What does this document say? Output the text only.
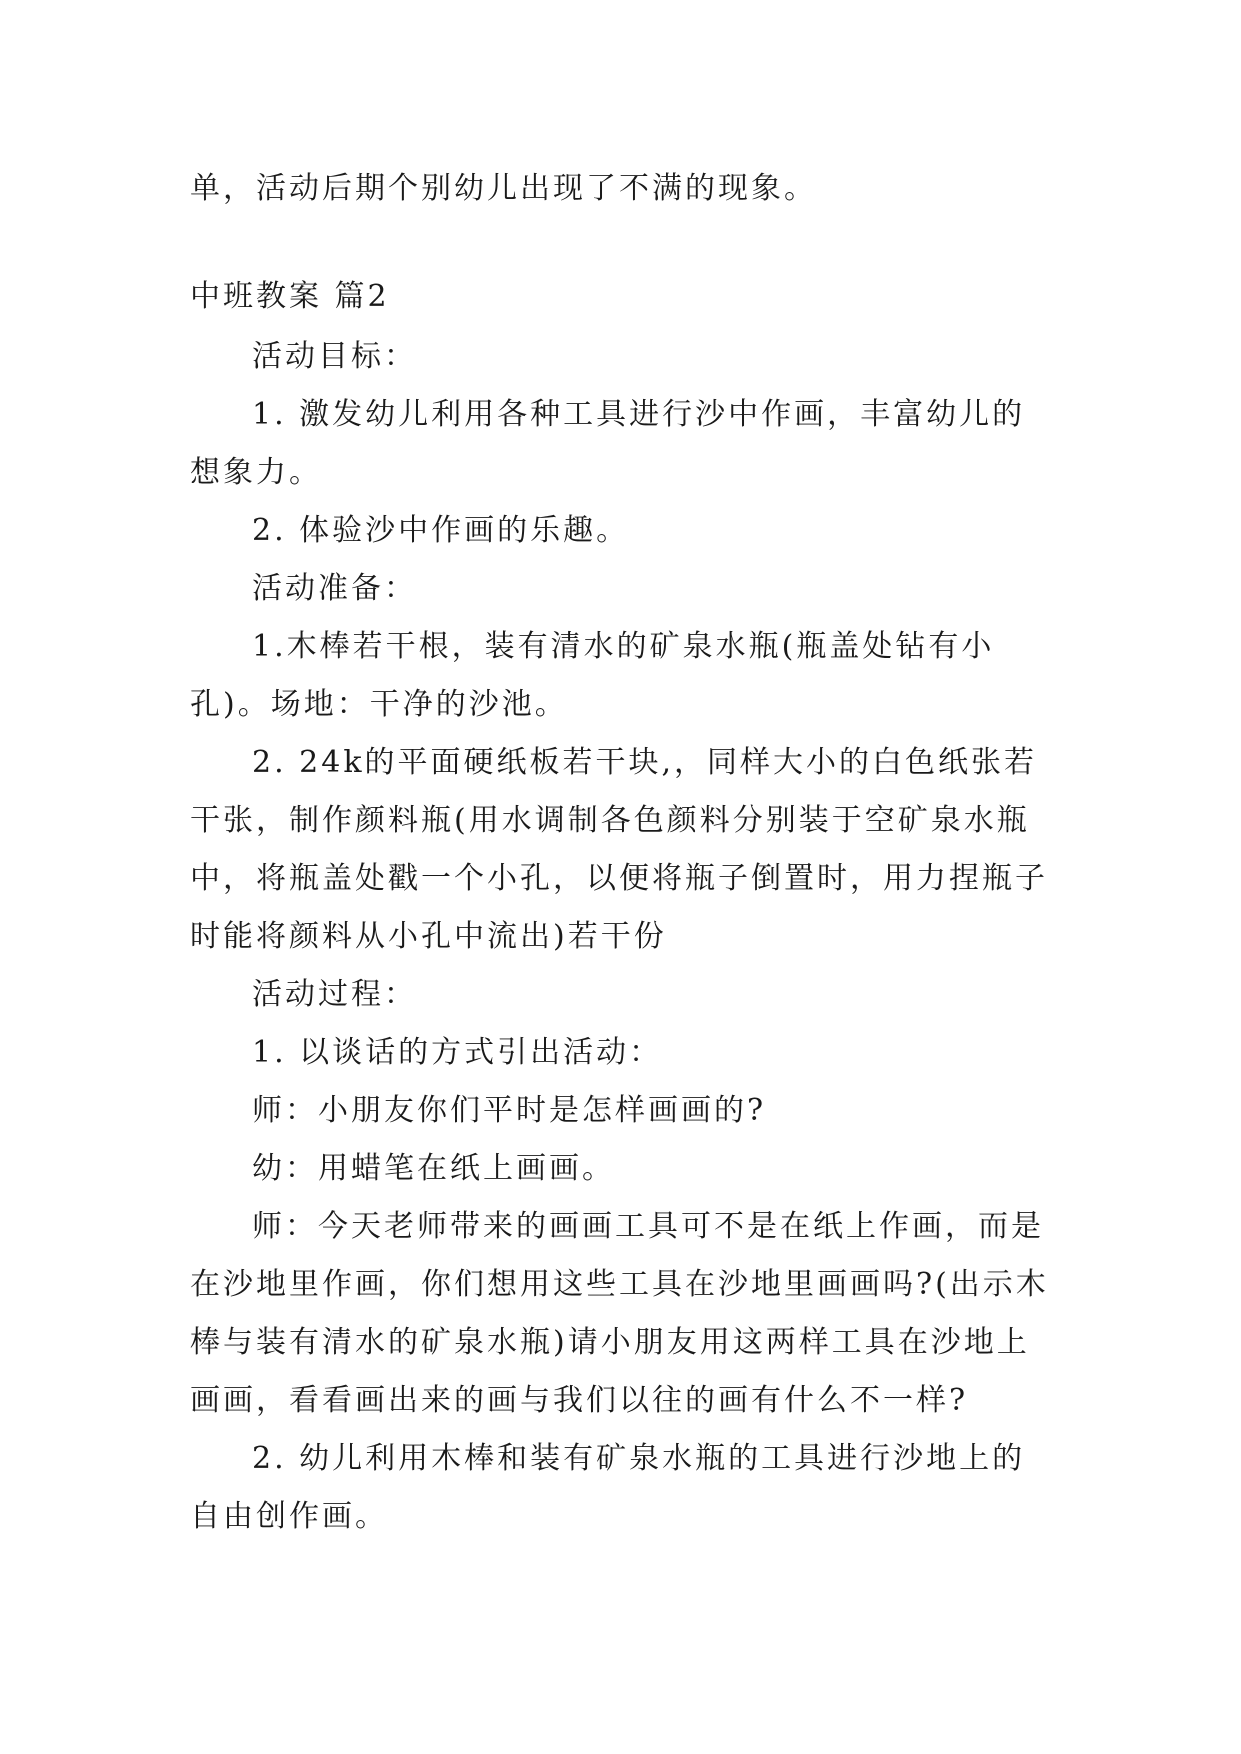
单，活动后期个别幼儿出现了不满的现象。

中班教案 篇2

活动目标：

1. 激发幼儿利用各种工具进行沙中作画，丰富幼儿的想象力。

2. 体验沙中作画的乐趣。

活动准备：

1.木棒若干根，装有清水的矿泉水瓶(瓶盖处钻有小孔)。场地：干净的沙池。

2. 24k的平面硬纸板若干块,，同样大小的白色纸张若干张，制作颜料瓶(用水调制各色颜料分别装于空矿泉水瓶中，将瓶盖处戳一个小孔，以便将瓶子倒置时，用力捏瓶子时能将颜料从小孔中流出)若干份

活动过程：

1. 以谈话的方式引出活动：

师：小朋友你们平时是怎样画画的?

幼：用蜡笔在纸上画画。

师：今天老师带来的画画工具可不是在纸上作画，而是在沙地里作画，你们想用这些工具在沙地里画画吗?(出示木棒与装有清水的矿泉水瓶)请小朋友用这两样工具在沙地上画画，看看画出来的画与我们以往的画有什么不一样?

2. 幼儿利用木棒和装有矿泉水瓶的工具进行沙地上的自由创作画。
